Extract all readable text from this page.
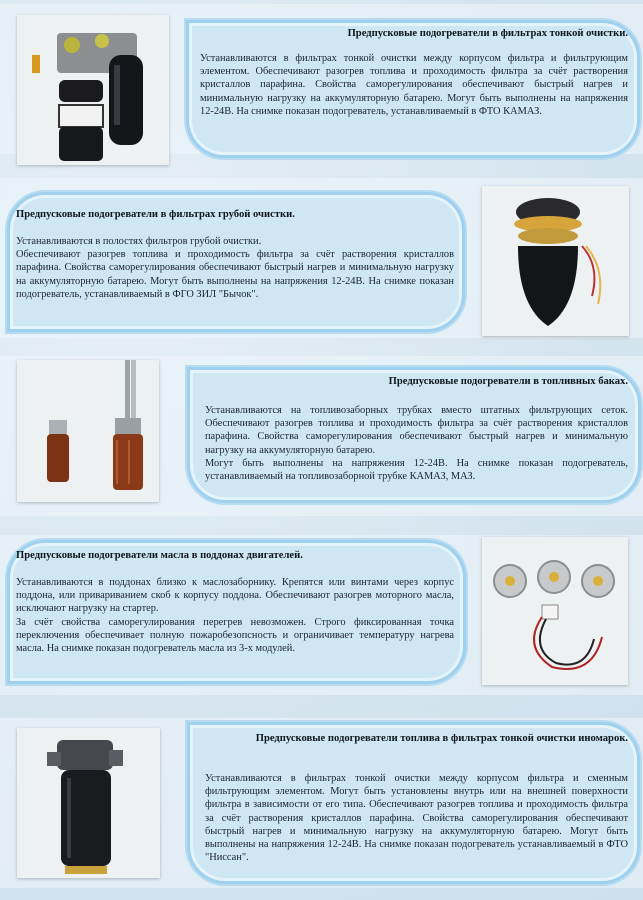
Предпусковые подогреватели в фильтрах тонкой очистки.

Устанавливаются в фильтрах тонкой очистки между корпусом фильтра и фильтрующим элементом. Обеспечивают разогрев топлива и проходимость фильтра за счёт растворения кристаллов парафина. Свойства саморегулирования обеспечивают быстрый нагрев и минимальную нагрузку на аккумуляторную батарею. Могут быть выполнены на напряжения 12-24В. На снимке показан подогреватель, устанавливаемый в ФТО КАМАЗ.

Предпусковые подогреватели в фильтрах грубой очистки.

Устанавливаются в полостях фильтров грубой очистки.

Обеспечивают разогрев топлива и проходимость фильтра за счёт растворения кристаллов парафина. Свойства саморегулирования обеспечивают быстрый нагрев и минимальную нагрузку на аккумуляторную батарею. Могут быть выполнены на напряжения 12-24В. На снимке показан подогреватель, устанавливаемый в ФГО ЗИЛ "Бычок".

Предпусковые подогреватели в топливных баках.

Устанавливаются на топливозаборных трубках вместо штатных фильтрующих сеток. Обеспечивают разогрев топлива и проходимость фильтра за счёт растворения кристаллов парафина. Свойства саморегулирования обеспечивают быстрый нагрев и минимальную нагрузку на аккумуляторную батарею.

Могут быть выполнены на напряжения 12-24В. На снимке показан подогреватель, устанавливаемый на топливозаборной трубке КАМАЗ, МАЗ.

Предпусковые подогреватели масла в поддонах двигателей.

Устанавливаются в поддонах близко к маслозаборнику. Крепятся или винтами через корпус поддона, или привариванием скоб к корпусу поддона. Обеспечивают разогрев моторного масла, исключают нагрузку на стартер.

За счёт свойства саморегулирования перегрев невозможен. Строго фиксированная точка переключения обеспечивает полную пожаробезопсность и ограничивает температуру нагрева масла. На снимке показан подогреватель масла из 3-х модулей.

Предпусковые подогреватели топлива в фильтрах тонкой очистки иномарок.

Устанавливаются в фильтрах тонкой очистки между корпусом фильтра и сменным фильтрующим элементом. Могут быть установлены внутрь или на внешней поверхности фильтра в зависимости от его типа. Обеспечивают разогрев топлива и проходимость фильтра за счёт растворения кристаллов парафина. Свойства саморегулирования обеспечивают быстрый нагрев и минимальную нагрузку на аккумуляторную батарею. Могут быть выполнены на напряжения 12-24В. На снимке показан подогреватель устанавливаемый в ФТО "Ниссан".
